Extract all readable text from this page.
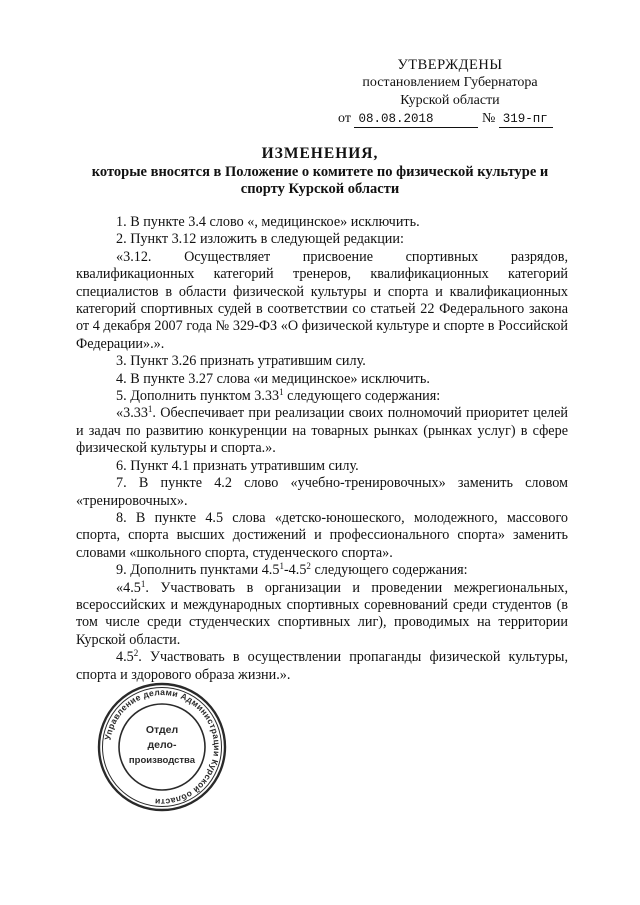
УТВЕРЖДЕНЫ
постановлением Губернатора
Курской области
от 08.08.2018	№ 319-пг
ИЗМЕНЕНИЯ,
которые вносятся в Положение о комитете по физической культуре и
спорту Курской области

1. В пункте 3.4 слово «, медицинское» исключить.

2. Пункт 3.12 изложить в следующей редакции:

«3.12. Осуществляет присвоение спортивных разрядов, квалификационных категорий тренеров, квалификационных категорий специалистов в области физической культуры и спорта и квалификационных категорий спортивных судей в соответствии со статьей 22 Федерального закона от 4 декабря 2007 года № 329-ФЗ «О физической культуре и спорте в Российской Федерации».».

3. Пункт 3.26 признать утратившим силу.

4. В пункте 3.27 слова «и медицинское» исключить.

5. Дополнить пунктом 3.33$^1$ следующего содержания:

«3.33$^1$. Обеспечивает при реализации своих полномочий приоритет целей и задач по развитию конкуренции на товарных рынках (рынках услуг) в сфере физической культуры и спорта.».

6. Пункт 4.1 признать утратившим силу.

7. В пункте 4.2 слово «учебно-тренировочных» заменить словом «тренировочных».

8. В пункте 4.5 слова «детско-юношеского, молодежного, массового спорта, спорта высших достижений и профессионального спорта» заменить словами «школьного спорта, студенческого спорта».

9. Дополнить пунктами $4.5^1-4.5^2$ следующего содержания:

«$4.5^1$. Участвовать в организации и проведении межрегиональных, всероссийских и международных спортивных соревнований среди студентов (в том числе среди студенческих спортивных лиг), проводимых на территории Курской области.

$4.5^2$. Участвовать в осуществлении пропаганды физической культуры, спорта и здорового образа жизни.».

Управление делами Администрации Курской области
Отдел
дело-
производства
